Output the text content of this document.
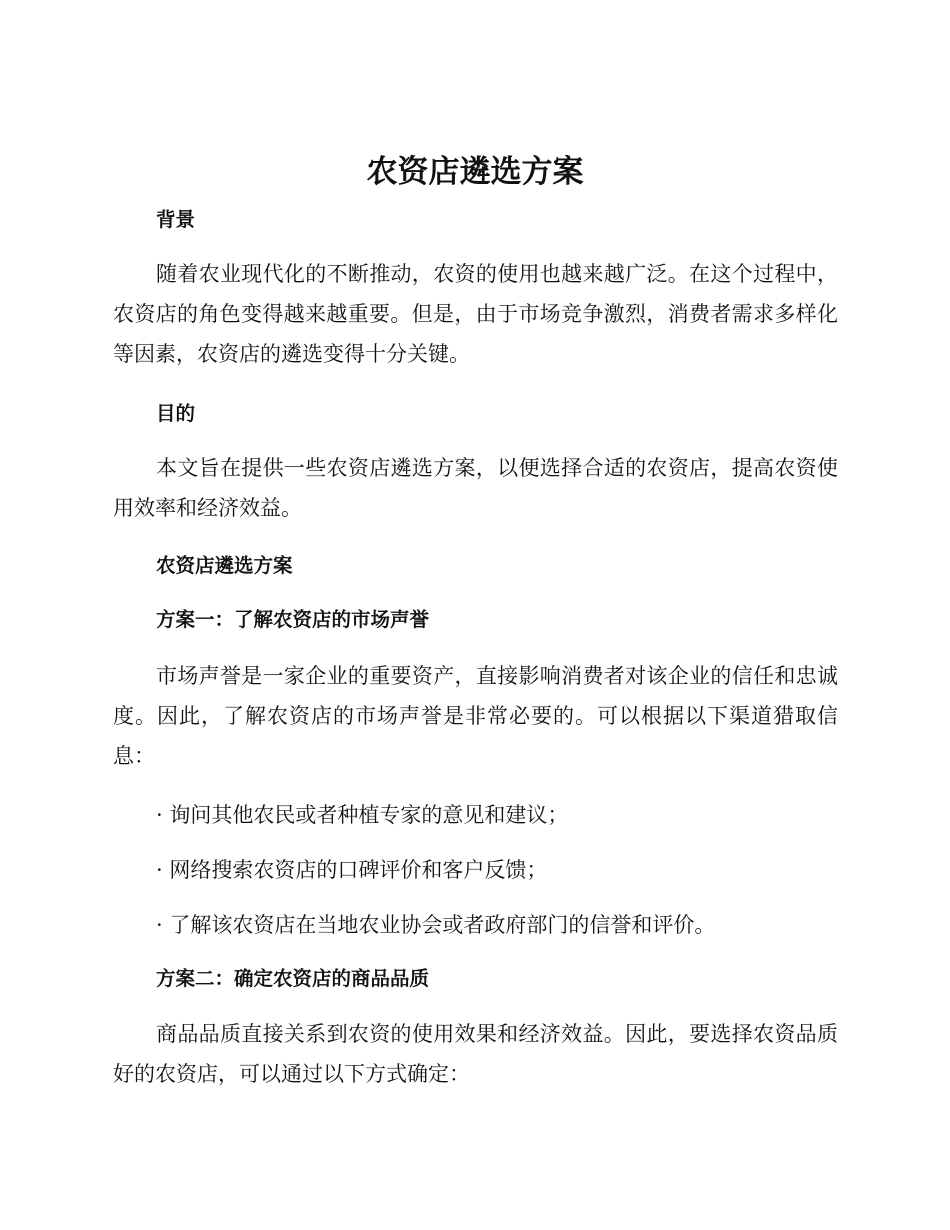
农资店遴选方案
背景

随着农业现代化的不断推动，农资的使用也越来越广泛。在这个过程中，农资店的角色变得越来越重要。但是，由于市场竞争激烈，消费者需求多样化等因素，农资店的遴选变得十分关键。

目的

本文旨在提供一些农资店遴选方案，以便选择合适的农资店，提高农资使用效率和经济效益。

农资店遴选方案
方案一：了解农资店的市场声誉

市场声誉是一家企业的重要资产，直接影响消费者对该企业的信任和忠诚度。因此，了解农资店的市场声誉是非常必要的。可以根据以下渠道猎取信息：

· 询问其他农民或者种植专家的意见和建议；

· 网络搜索农资店的口碑评价和客户反馈；

· 了解该农资店在当地农业协会或者政府部门的信誉和评价。

方案二：确定农资店的商品品质

商品品质直接关系到农资的使用效果和经济效益。因此，要选择农资品质好的农资店，可以通过以下方式确定：
